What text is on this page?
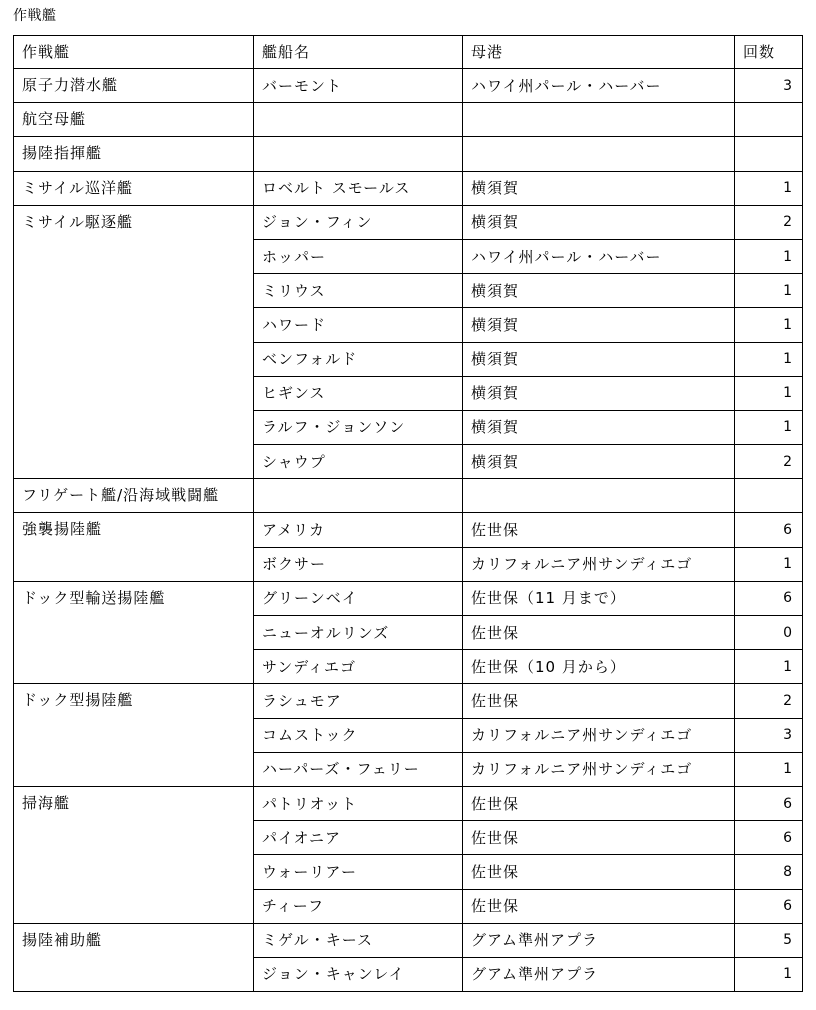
作戦艦
作戦艦	艦船名	母港	回数
原子力潜水艦	バーモント	ハワイ州パール・ハーバー	3
航空母艦			
揚陸指揮艦			
ミサイル巡洋艦	ロベルト スモールス	横須賀	1
ミサイル駆逐艦	ジョン・フィン	横須賀	2
	ホッパー	ハワイ州パール・ハーバー	1
	ミリウス	横須賀	1
	ハワード	横須賀	1
	ベンフォルド	横須賀	1
	ヒギンス	横須賀	1
	ラルフ・ジョンソン	横須賀	1
	シャウプ	横須賀	2
フリゲート艦/沿海域戦闘艦			
強襲揚陸艦	アメリカ	佐世保	6
	ボクサー	カリフォルニア州サンディエゴ	1
ドック型輸送揚陸艦	グリーンベイ	佐世保（11 月まで）	6
	ニューオルリンズ	佐世保	0
	サンディエゴ	佐世保（10 月から）	1
ドック型揚陸艦	ラシュモア	佐世保	2
	コムストック	カリフォルニア州サンディエゴ	3
	ハーパーズ・フェリー	カリフォルニア州サンディエゴ	1
掃海艦	パトリオット	佐世保	6
	パイオニア	佐世保	6
	ウォーリアー	佐世保	8
	チィーフ	佐世保	6
揚陸補助艦	ミゲル・キース	グアム準州アプラ	5
	ジョン・キャンレイ	グアム準州アプラ	1
